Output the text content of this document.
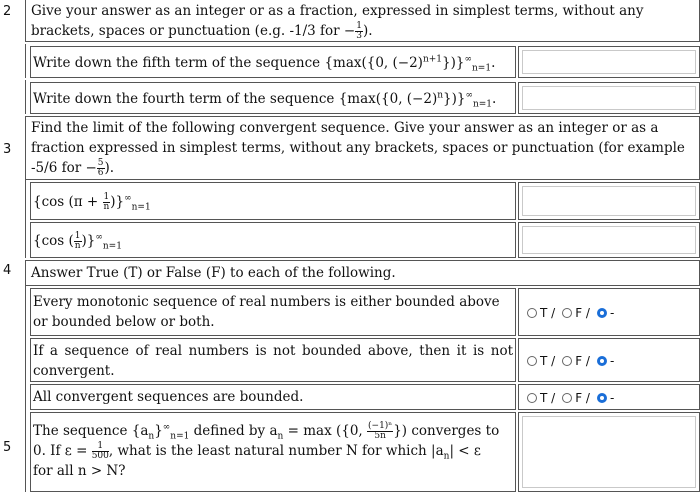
2	Give your answer as an integer or as a fraction, expressed in simplest terms, without any brackets, spaces or punctuation (e.g. -1/3 for − $\frac{1}{3}$ ).
Write down the fifth term of the sequence {max({0, $(-2)^{n+1}\})\}^\infty_{n=1}$.
Write down the fourth term of the sequence {max({0, $(-2)^n\})\}^\infty_{n=1}$.
3
Find the limit of the following convergent sequence. Give your answer as an integer or as a fraction expressed in simplest terms, without any brackets, spaces or punctuation (for example -5/6 for − $\frac{5}{6}$ ).
{cos $(\pi + \frac{1}{n} )\}^\infty_{n=1}$
{cos ( $\frac{1}{n} )\}^\infty_{n=1}$
4	Answer True (T) or False (F) to each of the following.
Every monotonic sequence of real numbers is either bounded above or bounded below or both.
T / F / -
If a sequence of real numbers is not bounded above, then it is not convergent.
T / F / -
All convergent sequences are bounded.	T / F / -
5
The sequence $\{a_n\}^\infty_{n=1}$ defined by $a_n = \max (\{0$, $\frac{\text{(−1)ⁿ}}{5n}$ }) converges to
0. If $\varepsilon = \frac{1}{500}$ , what is the least natural number N for which $|a_n| < \varepsilon$
for all n > N?
